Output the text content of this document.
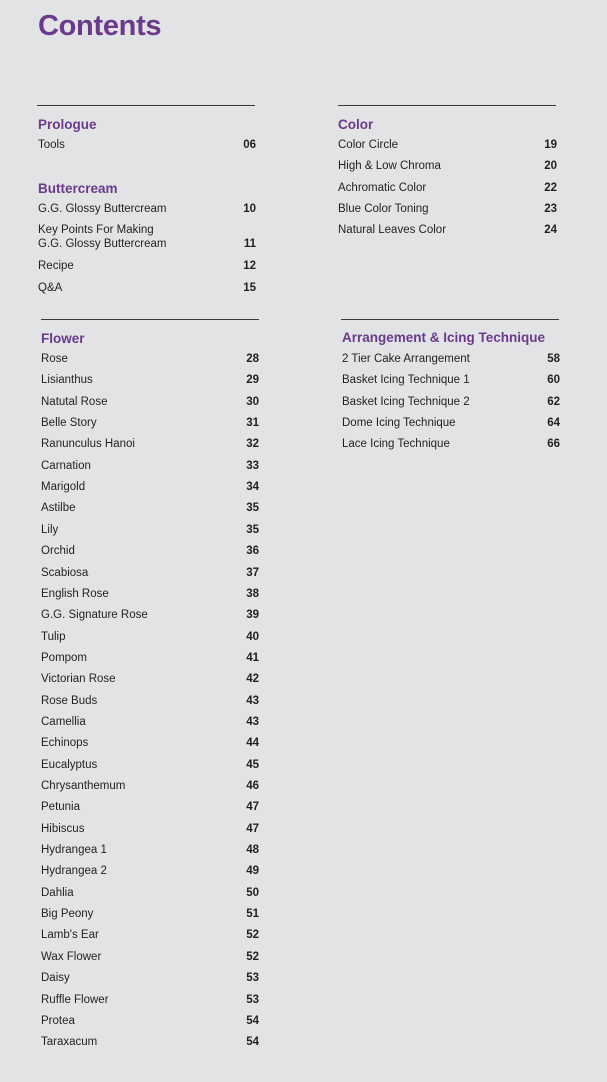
Contents
Prologue
Tools	06
Buttercream
G.G. Glossy Buttercream	10
Key Points For Making
G.G. Glossy Buttercream	11
Recipe	12
Q&A	15
Color
Color Circle	19
High & Low Chroma	20
Achromatic Color	22
Blue Color Toning	23
Natural Leaves Color	24
Flower
Rose	28
Lisianthus	29
Natutal Rose	30
Belle Story	31
Ranunculus Hanoi	32
Carnation	33
Marigold	34
Astilbe	35
Lily	35
Orchid	36
Scabiosa	37
English Rose	38
G.G. Signature Rose	39
Tulip	40
Pompom	41
Victorian Rose	42
Rose Buds	43
Camellia	43
Echinops	44
Eucalyptus	45
Chrysanthemum	46
Petunia	47
Hibiscus	47
Hydrangea 1	48
Hydrangea 2	49
Dahlia	50
Big Peony	51
Lamb's Ear	52
Wax Flower	52
Daisy	53
Ruffle Flower	53
Protea	54
Taraxacum	54
Arrangement & Icing Technique
2 Tier Cake Arrangement	58
Basket Icing Technique 1	60
Basket Icing Technique 2	62
Dome Icing Technique	64
Lace Icing Technique	66
